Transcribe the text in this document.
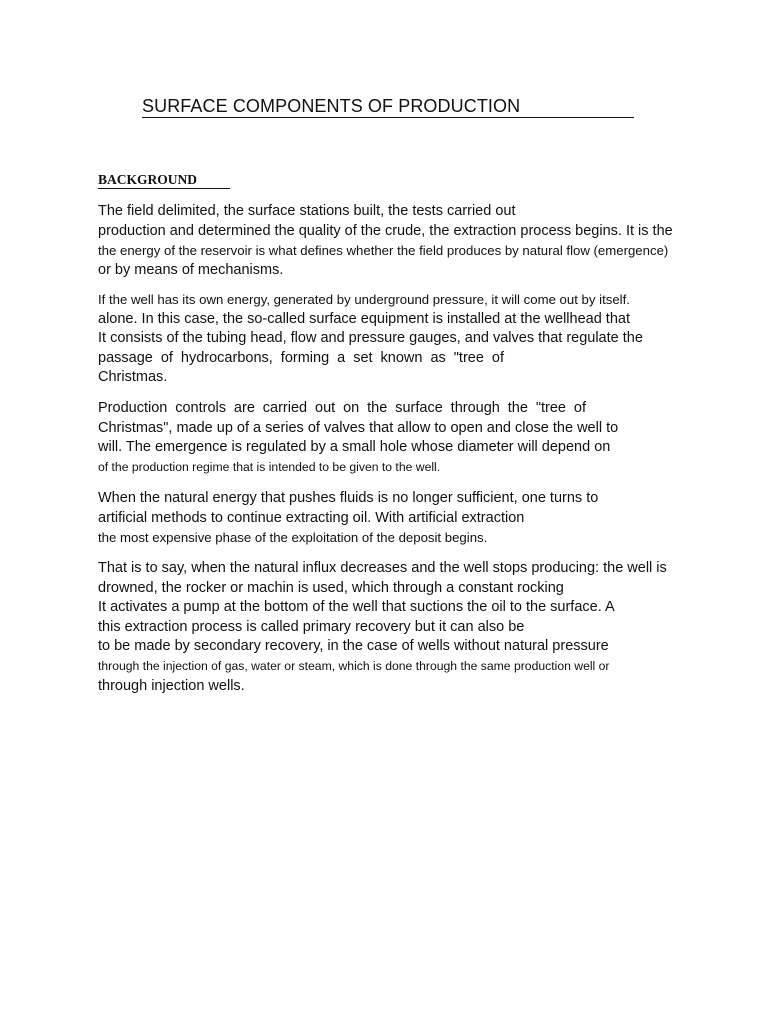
SURFACE COMPONENTS OF PRODUCTION
BACKGROUND
The field delimited, the surface stations built, the tests carried out
production and determined the quality of the crude, the extraction process begins. It is the
the energy of the reservoir is what defines whether the field produces by natural flow (emergence)
or by means of mechanisms.
If the well has its own energy, generated by underground pressure, it will come out by itself.
alone. In this case, the so-called surface equipment is installed at the wellhead that
It consists of the tubing head, flow and pressure gauges, and valves that regulate the
passage of hydrocarbons, forming a set known as "tree of
Christmas.
Production controls are carried out on the surface through the "tree of
Christmas", made up of a series of valves that allow to open and close the well to
will. The emergence is regulated by a small hole whose diameter will depend on
of the production regime that is intended to be given to the well.
When the natural energy that pushes fluids is no longer sufficient, one turns to
artificial methods to continue extracting oil. With artificial extraction
the most expensive phase of the exploitation of the deposit begins.
That is to say, when the natural influx decreases and the well stops producing: the well is
drowned, the rocker or machin is used, which through a constant rocking
It activates a pump at the bottom of the well that suctions the oil to the surface. A
this extraction process is called primary recovery but it can also be
to be made by secondary recovery, in the case of wells without natural pressure
through the injection of gas, water or steam, which is done through the same production well or
through injection wells.
